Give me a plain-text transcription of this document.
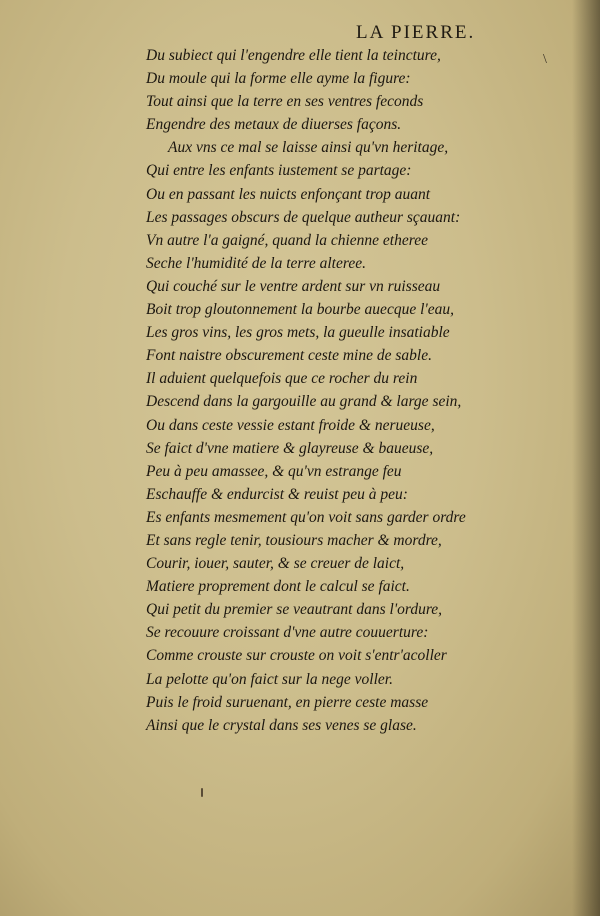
LA PIERRE.
\
Du subiect qui l'engendre elle tient la teincture,
Du moule qui la forme elle ayme la figure:
Tout ainsi que la terre en ses ventres feconds
Engendre des metaux de diuerses façons.
Aux vns ce mal se laisse ainsi qu'vn heritage,
Qui entre les enfants iustement se partage:
Ou en passant les nuicts enfonçant trop auant
Les passages obscurs de quelque autheur sçauant:
Vn autre l'a gaigné, quand la chienne etheree
Seche l'humidité de la terre alteree.
Qui couché sur le ventre ardent sur vn ruisseau
Boit trop gloutonnement la bourbe auecque l'eau,
Les gros vins, les gros mets, la gueulle insatiable
Font naistre obscurement ceste mine de sable.
Il aduient quelquefois que ce rocher du rein
Descend dans la gargouille au grand & large sein,
Ou dans ceste vessie estant froide & nerueuse,
Se faict d'vne matiere & glayreuse & baueuse,
Peu à peu amassee, & qu'vn estrange feu
Eschauffe & endurcist & reuist peu à peu:
Es enfants mesmement qu'on voit sans garder ordre
Et sans regle tenir, tousiours macher & mordre,
Courir, iouer, sauter, & se creuer de laict,
Matiere proprement dont le calcul se faict.
Qui petit du premier se veautrant dans l'ordure,
Se recouure croissant d'vne autre couuerture:
Comme crouste sur crouste on voit s'entr'acoller
La pelotte qu'on faict sur la nege voller.
Puis le froid suruenant, en pierre ceste masse
Ainsi que le crystal dans ses venes se glase.
